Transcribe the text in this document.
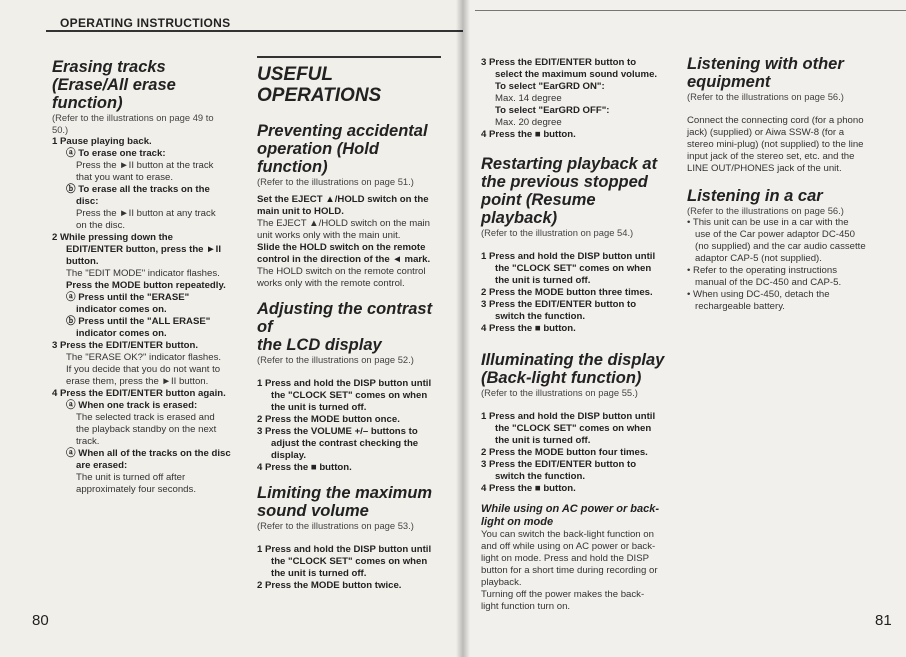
OPERATING INSTRUCTIONS

Erasing tracks

(Erase/All erase function)

(Refer to the illustrations on page 49 to

50.)

1 Pause playing back.

ⓐ To erase one track:

Press the ►II button at the track

that you want to erase.

ⓑ To erase all the tracks on the

disc:

Press the ►II button at any track

on the disc.

2 While pressing down the

EDIT/ENTER button, press the ►II

button.

The "EDIT MODE" indicator flashes.

Press the MODE button repeatedly.

ⓐ Press until the "ERASE"

indicator comes on.

ⓑ Press until the "ALL ERASE"

indicator comes on.

3 Press the EDIT/ENTER button.

The "ERASE OK?" indicator flashes.

If you decide that you do not want to

erase them, press the ►II button.

4 Press the EDIT/ENTER button again.

ⓐ When one track is erased:

The selected track is erased and

the playback standby on the next

track.

ⓐ When all of the tracks on the disc

are erased:

The unit is turned off after

approximately four seconds.

USEFUL

OPERATIONS

Preventing accidental

operation (Hold function)

(Refer to the illustrations on page 51.)

Set the EJECT ▲/HOLD switch on the

main unit to HOLD.

The EJECT ▲/HOLD switch on the main

unit works only with the main unit.

Slide the HOLD switch on the remote

control in the direction of the ◄ mark.

The HOLD switch on the remote control

works only with the remote control.

Adjusting the contrast of

the LCD display

(Refer to the illustrations on page 52.)

1 Press and hold the DISP button until

the "CLOCK SET" comes on when

the unit is turned off.

2 Press the MODE button once.

3 Press the VOLUME +/– buttons to

adjust the contrast checking the

display.

4 Press the ■ button.

Limiting the maximum

sound volume

(Refer to the illustrations on page 53.)

1 Press and hold the DISP button until

the "CLOCK SET" comes on when

the unit is turned off.

2 Press the MODE button twice.

80

3 Press the EDIT/ENTER button to

select the maximum sound volume.

To select "EarGRD ON":

Max. 14 degree

To select "EarGRD OFF":

Max. 20 degree

4 Press the ■ button.

Restarting playback at

the previous stopped

point (Resume playback)

(Refer to the illustration on page 54.)

1 Press and hold the DISP button until

the "CLOCK SET" comes on when

the unit is turned off.

2 Press the MODE button three times.

3 Press the EDIT/ENTER button to

switch the function.

4 Press the ■ button.

Illuminating the display

(Back-light function)

(Refer to the illustrations on page 55.)

1 Press and hold the DISP button until

the "CLOCK SET" comes on when

the unit is turned off.

2 Press the MODE button four times.

3 Press the EDIT/ENTER button to

switch the function.

4 Press the ■ button.

While using on AC power or back-

light on mode

You can switch the back-light function on

and off while using on AC power or back-

light on mode. Press and hold the DISP

button for a short time during recording or

playback.

Turning off the power makes the back-

light function turn on.

Listening with other

equipment

(Refer to the illustrations on page 56.)

Connect the connecting cord (for a phono

jack) (supplied) or Aiwa SSW-8 (for a

stereo mini-plug) (not supplied) to the line

input jack of the stereo set, etc. and the

LINE OUT/PHONES jack of the unit.

Listening in a car

(Refer to the illustrations on page 56.)

• This unit can be use in a car with the

use of the Car power adaptor DC-450

(no supplied) and the car audio cassette

adaptor CAP-5 (not supplied).

• Refer to the operating instructions

manual of the DC-450 and CAP-5.

• When using DC-450, detach the

rechargeable battery.

81
